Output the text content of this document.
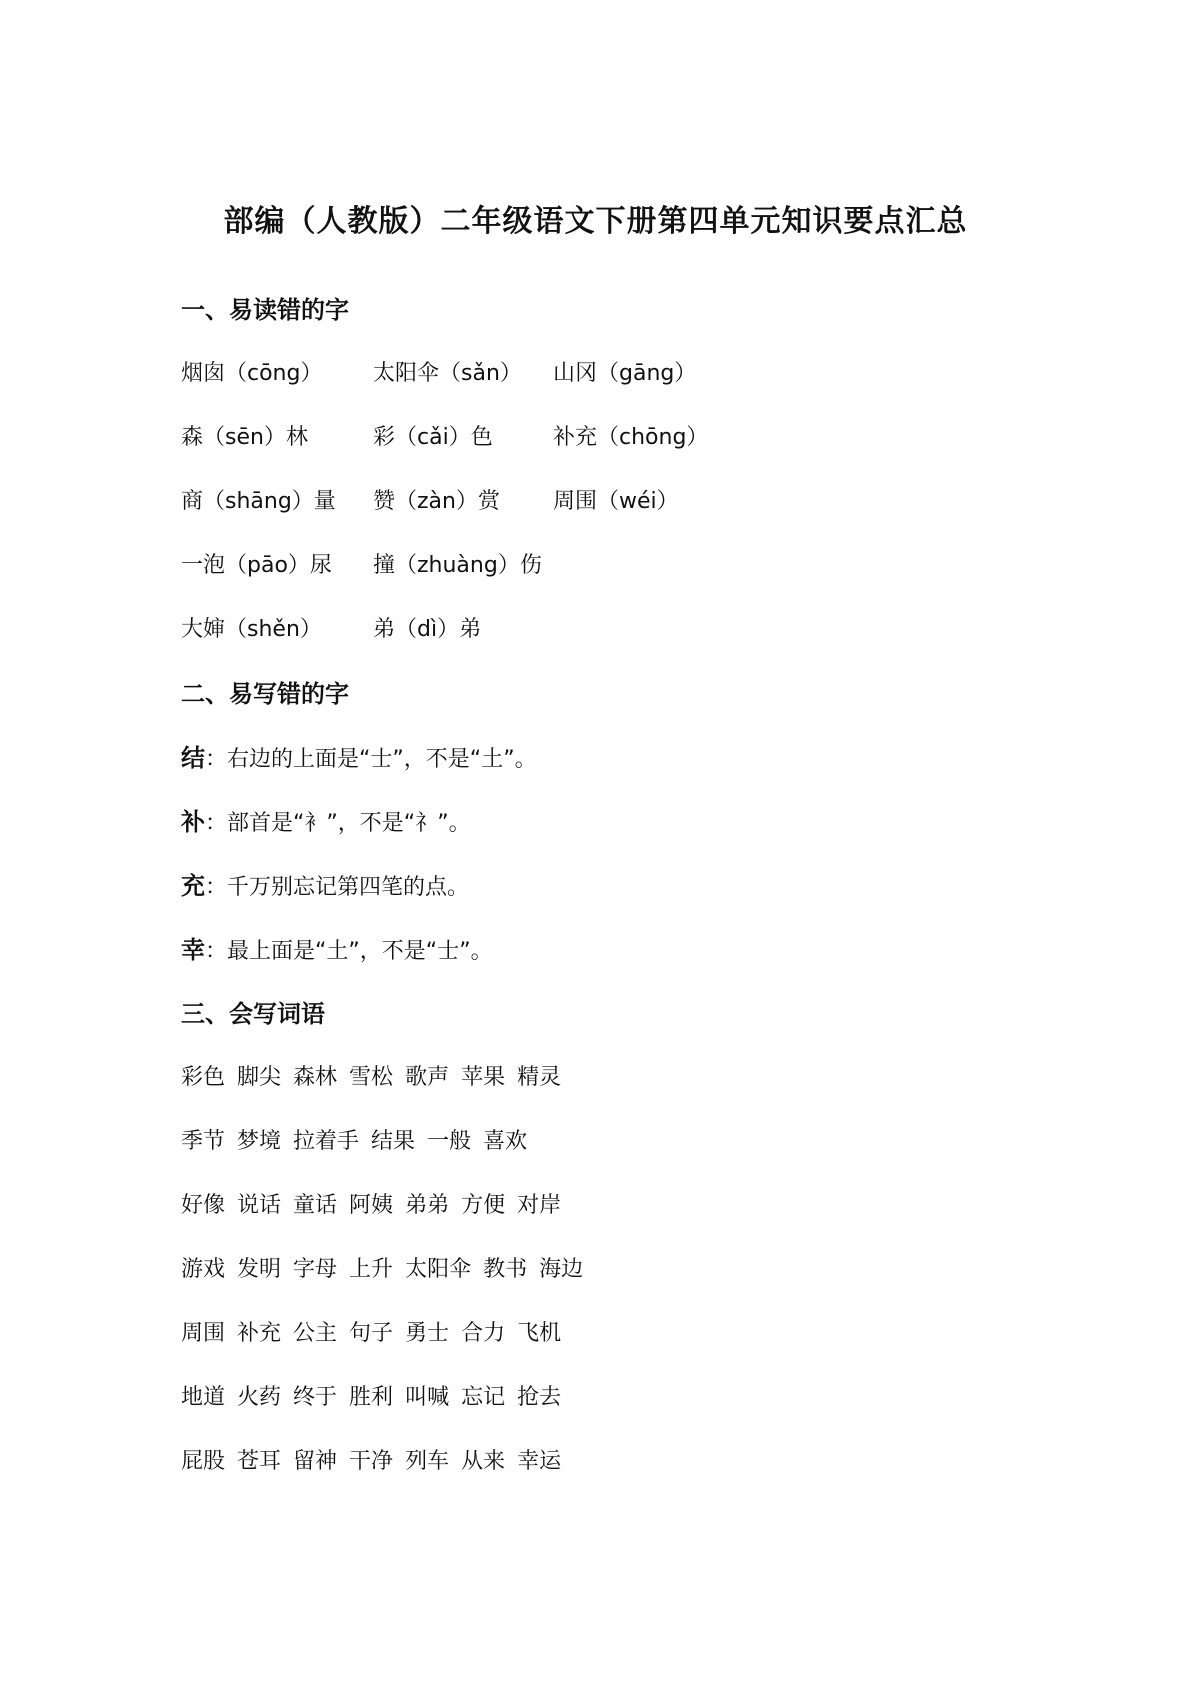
部编（人教版）二年级语文下册第四单元知识要点汇总
一、易读错的字
烟囱（cōng） 太阳伞（sǎn） 山冈（gāng）
森（sēn）林	彩（cǎi）色	补充（chōng）
商（shāng）量 赞（zàn）赏 周围（wéi）
一泡（pāo）尿 撞（zhuàng）伤
大婶（shěn） 弟（dì）弟
二、易写错的字
结：右边的上面是“士”，不是“土”。
补：部首是“衤”，不是“礻”。
充：千万别忘记第四笔的点。
幸：最上面是“土”，不是“士”。
三、会写词语
彩色 脚尖 森林 雪松 歌声 苹果 精灵
季节 梦境 拉着手 结果 一般 喜欢
好像 说话 童话 阿姨 弟弟 方便 对岸
游戏 发明 字母 上升 太阳伞 教书 海边
周围 补充 公主 句子 勇士 合力 飞机
地道 火药 终于 胜利 叫喊 忘记 抢去
屁股 苍耳 留神 干净 列车 从来 幸运
